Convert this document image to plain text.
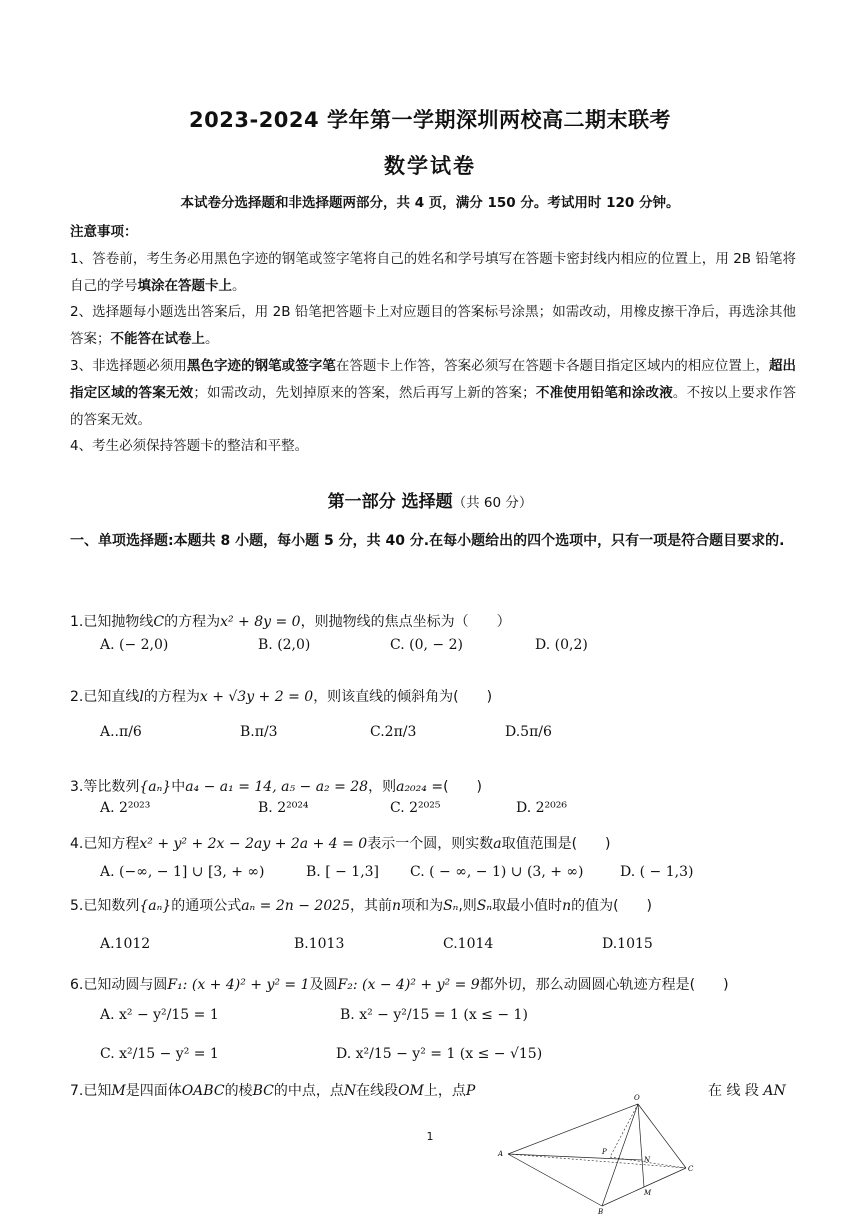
2023-2024 学年第一学期深圳两校高二期末联考
数学试卷
本试卷分选择题和非选择题两部分，共 4 页，满分 150 分。考试用时 120 分钟。

注意事项：

1、答卷前，考生务必用黑色字迹的钢笔或签字笔将自己的姓名和学号填写在答题卡密封线内相应的位置上，用 2B 铅笔将自己的学号填涂在答题卡上。

2、选择题每小题选出答案后，用 2B 铅笔把答题卡上对应题目的答案标号涂黑；如需改动，用橡皮擦干净后，再选涂其他答案；不能答在试卷上。

3、非选择题必须用黑色字迹的钢笔或签字笔在答题卡上作答，答案必须写在答题卡各题目指定区域内的相应位置上，超出指定区域的答案无效；如需改动，先划掉原来的答案，然后再写上新的答案；不准使用铅笔和涂改液。不按以上要求作答的答案无效。

4、考生必须保持答题卡的整洁和平整。

第一部分 选择题（共 60 分）
一、单项选择题:本题共 8 小题，每小题 5 分，共 40 分.在每小题给出的四个选项中，只有一项是符合题目要求的.
1.已知抛物线C的方程为x² + 8y = 0，则抛物线的焦点坐标为（　　）
A. (− 2,0)	B. (2,0)	C. (0, − 2)	D. (0,2)
2.已知直线l的方程为x + √3y + 2 = 0，则该直线的倾斜角为(　　)
A..π/6	B.π/3	C.2π/3	D.5π/6
3.等比数列{aₙ}中a₄ − a₁ = 14, a₅ − a₂ = 28，则a₂₀₂₄ =(　　)
A. 2²⁰²³	B. 2²⁰²⁴	C. 2²⁰²⁵	D. 2²⁰²⁶
4.已知方程x² + y² + 2x − 2ay + 2a + 4 = 0表示一个圆，则实数a取值范围是(　　)
A. (−∞, − 1] ∪ [3, + ∞)	B. [ − 1,3] C. ( − ∞, − 1) ∪ (3, + ∞)	D. ( − 1,3)
5.已知数列{aₙ}的通项公式aₙ = 2n − 2025，其前n项和为Sₙ,则Sₙ取最小值时n的值为(　　)
A.1012	B.1013	C.1014	D.1015
6.已知动圆与圆F₁: (x + 4)² + y² = 1及圆F₂: (x − 4)² + y² = 9都外切，那么动圆圆心轨迹方程是(　　)
A. x² − y²/15 = 1	B. x² − y²/15 = 1 (x ≤ − 1)
C. x²/15 − y² = 1	D. x²/15 − y² = 1 (x ≤ − √15)
7.已知M是四面体OABC的棱BC的中点，点N在线段OM上，点P	在 线 段 AN
1
O
A
B
C
M
N
P
